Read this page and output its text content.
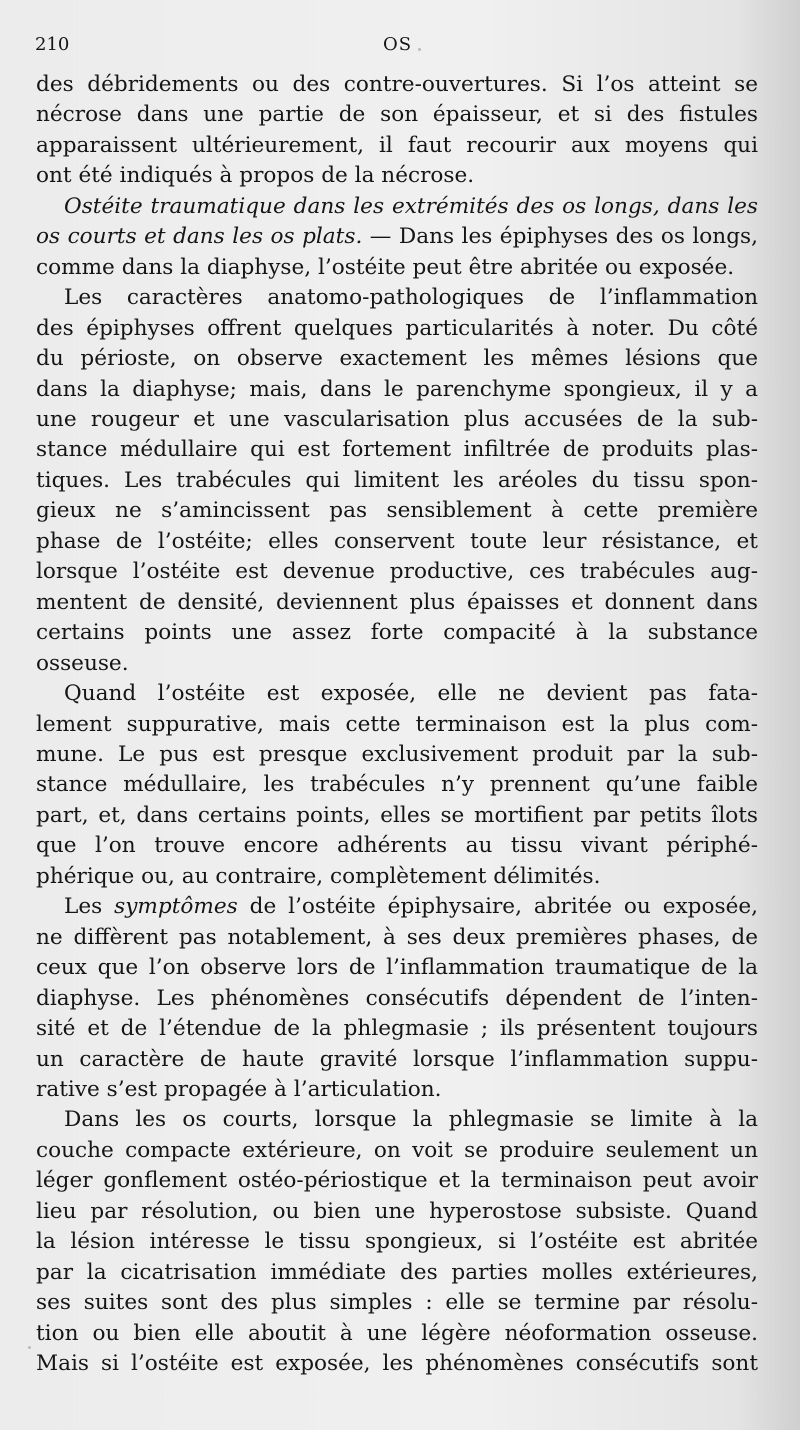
210	OS

des débridements ou des contre-ouvertures. Si l’os atteint se
nécrose dans une partie de son épaisseur, et si des fistules
apparaissent ultérieurement, il faut recourir aux moyens qui
ont été indiqués à propos de la nécrose.

Ostéite traumatique dans les extrémités des os longs, dans les
os courts et dans les os plats. — Dans les épiphyses des os longs,
comme dans la diaphyse, l’ostéite peut être abritée ou exposée.

Les caractères anatomo-pathologiques de l’inflammation
des épiphyses offrent quelques particularités à noter. Du côté
du périoste, on observe exactement les mêmes lésions que
dans la diaphyse; mais, dans le parenchyme spongieux, il y a
une rougeur et une vascularisation plus accusées de la sub-
stance médullaire qui est fortement infiltrée de produits plas-
tiques. Les trabécules qui limitent les aréoles du tissu spon-
gieux ne s’amincissent pas sensiblement à cette première
phase de l’ostéite; elles conservent toute leur résistance, et
lorsque l’ostéite est devenue productive, ces trabécules aug-
mentent de densité, deviennent plus épaisses et donnent dans
certains points une assez forte compacité à la substance
osseuse.

Quand l’ostéite est exposée, elle ne devient pas fata-
lement suppurative, mais cette terminaison est la plus com-
mune. Le pus est presque exclusivement produit par la sub-
stance médullaire, les trabécules n’y prennent qu’une faible
part, et, dans certains points, elles se mortifient par petits îlots
que l’on trouve encore adhérents au tissu vivant périphé-
phérique ou, au contraire, complètement délimités.

Les symptômes de l’ostéite épiphysaire, abritée ou exposée,
ne diffèrent pas notablement, à ses deux premières phases, de
ceux que l’on observe lors de l’inflammation traumatique de la
diaphyse. Les phénomènes consécutifs dépendent de l’inten-
sité et de l’étendue de la phlegmasie ; ils présentent toujours
un caractère de haute gravité lorsque l’inflammation suppu-
rative s’est propagée à l’articulation.

Dans les os courts, lorsque la phlegmasie se limite à la
couche compacte extérieure, on voit se produire seulement un
léger gonflement ostéo-périostique et la terminaison peut avoir
lieu par résolution, ou bien une hyperostose subsiste. Quand
la lésion intéresse le tissu spongieux, si l’ostéite est abritée
par la cicatrisation immédiate des parties molles extérieures,
ses suites sont des plus simples : elle se termine par résolu-
tion ou bien elle aboutit à une légère néoformation osseuse.
Mais si l’ostéite est exposée, les phénomènes consécutifs sont
